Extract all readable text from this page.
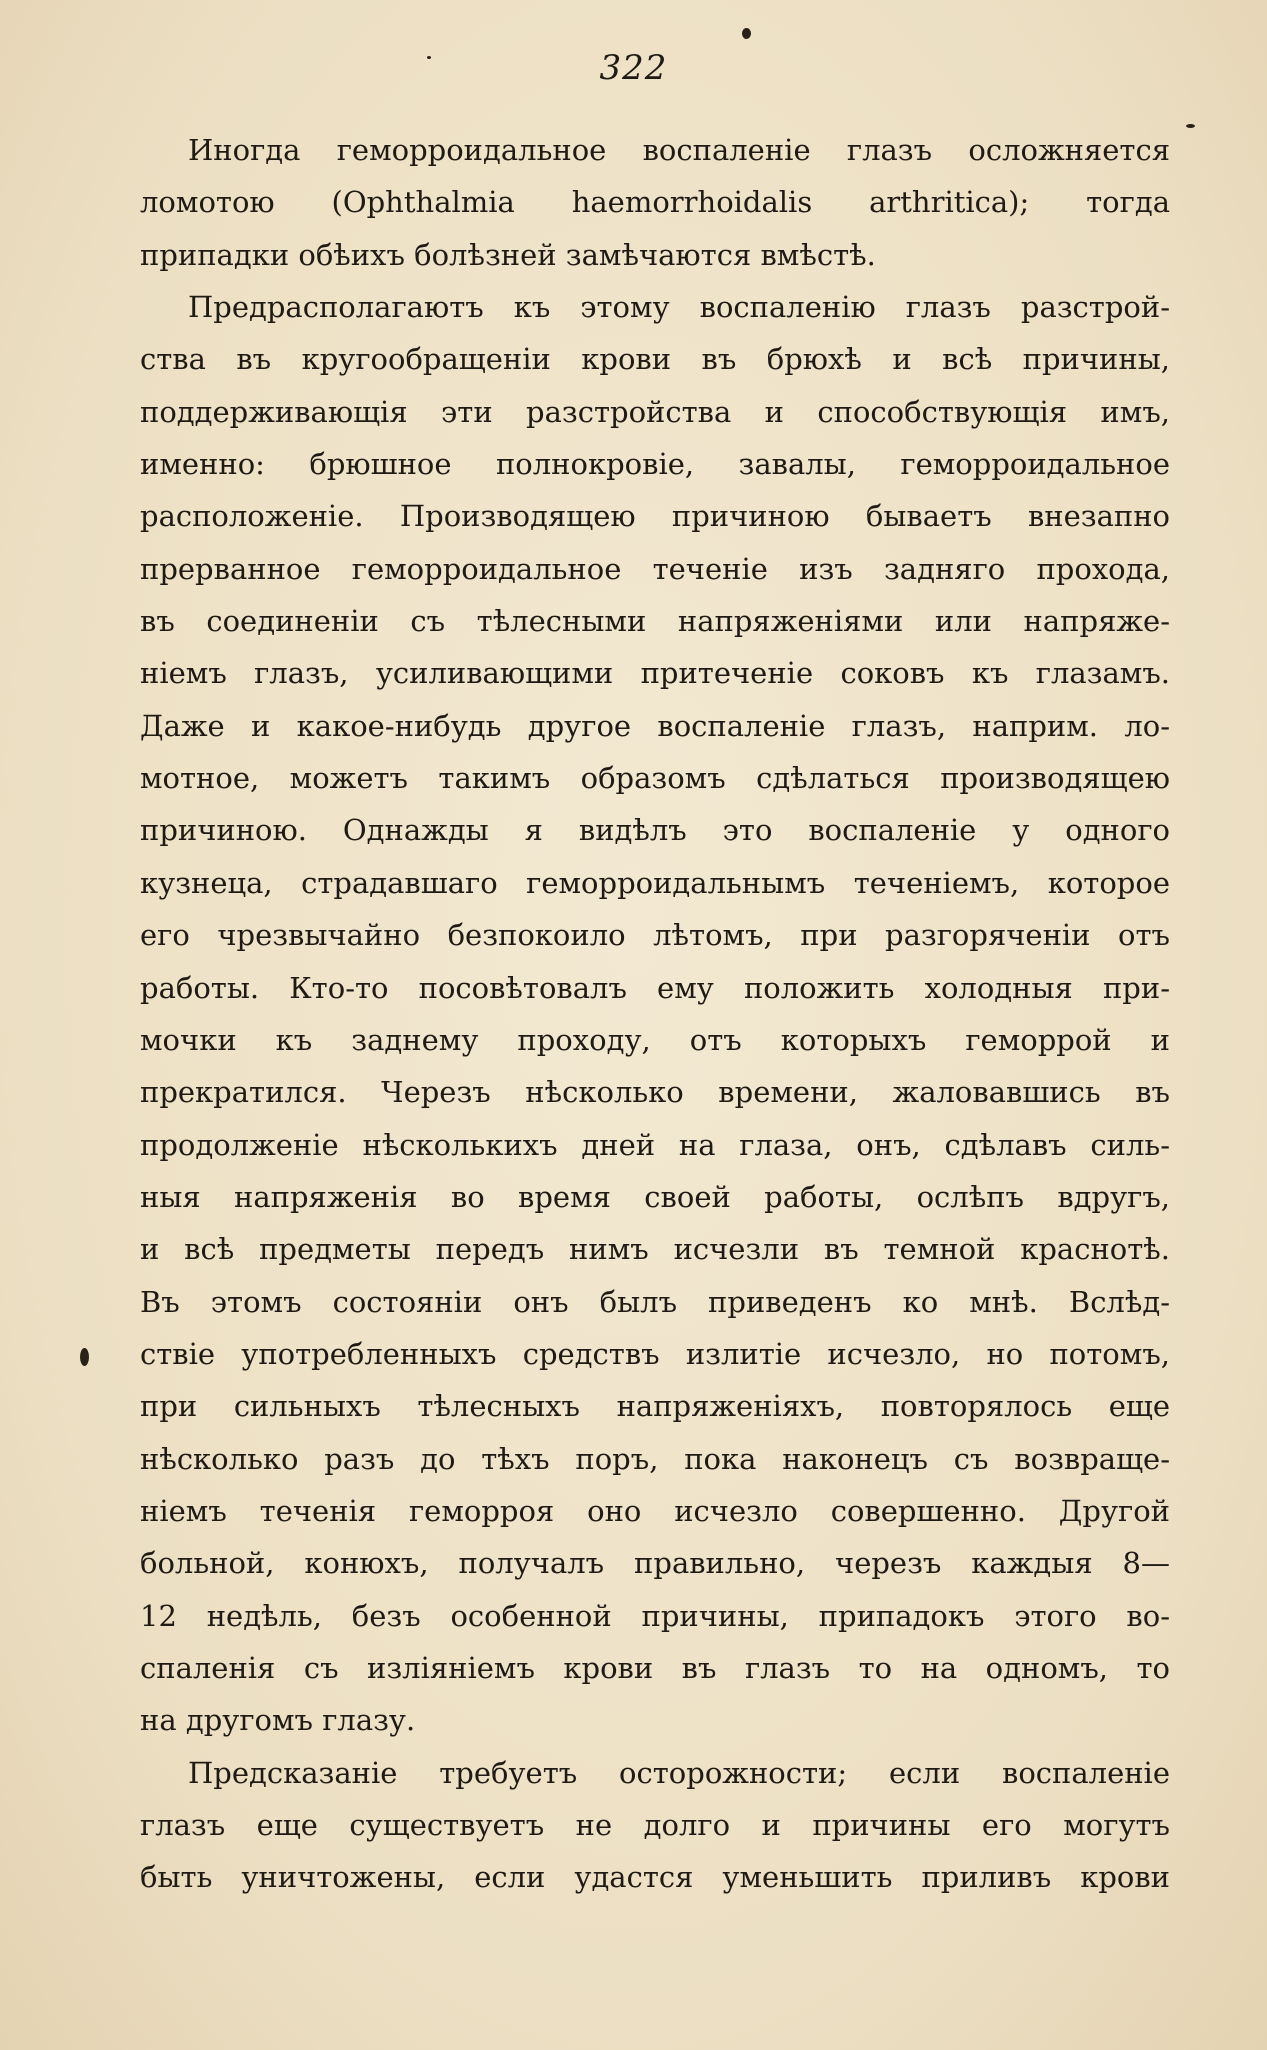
322
Иногда геморроидальное воспаленіе глазъ осложняется
ломотою (Ophthalmia haemorrhoidalis arthritica); тогда
припадки обѣихъ болѣзней замѣчаются вмѣстѣ.
Предрасполагаютъ къ этому воспаленію глазъ разстрой-
ства въ кругообращеніи крови въ брюхѣ и всѣ причины,
поддерживающія эти разстройства и способствующія имъ,
именно: брюшное полнокровіе, завалы, геморроидальное
расположеніе. Производящею причиною бываетъ внезапно
прерванное геморроидальное теченіе изъ задняго прохода,
въ соединеніи съ тѣлесными напряженіями или напряже-
ніемъ глазъ, усиливающими притеченіе соковъ къ глазамъ.
Даже и какое-нибудь другое воспаленіе глазъ, наприм. ло-
мотное, можетъ такимъ образомъ сдѣлаться производящею
причиною. Однажды я видѣлъ это воспаленіе у одного
кузнеца, страдавшаго геморроидальнымъ теченіемъ, которое
его чрезвычайно безпокоило лѣтомъ, при разгоряченіи отъ
работы. Кто-то посовѣтовалъ ему положить холодныя при-
мочки къ заднему проходу, отъ которыхъ геморрой и
прекратился. Черезъ нѣсколько времени, жаловавшись въ
продолженіе нѣсколькихъ дней на глаза, онъ, сдѣлавъ силь-
ныя напряженія во время своей работы, ослѣпъ вдругъ,
и всѣ предметы передъ нимъ исчезли въ темной краснотѣ.
Въ этомъ состояніи онъ былъ приведенъ ко мнѣ. Вслѣд-
ствіе употребленныхъ средствъ излитіе исчезло, но потомъ,
при сильныхъ тѣлесныхъ напряженіяхъ, повторялось еще
нѣсколько разъ до тѣхъ поръ, пока наконецъ съ возвраще-
ніемъ теченія геморроя оно исчезло совершенно. Другой
больной, конюхъ, получалъ правильно, черезъ каждыя 8—
12 недѣль, безъ особенной причины, припадокъ этого во-
спаленія съ изліяніемъ крови въ глазъ то на одномъ, то
на другомъ глазу.
Предсказаніе требуетъ осторожности; если воспаленіе
глазъ еще существуетъ не долго и причины его могутъ
быть уничтожены, если удастся уменьшить приливъ крови
